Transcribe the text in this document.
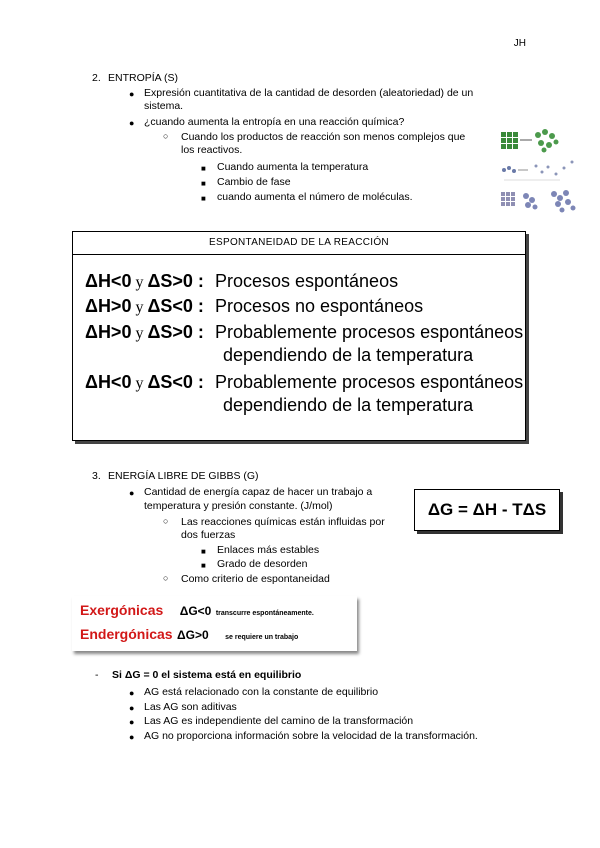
JH
2. ENTROPÍA (S)
● Expresión cuantitativa de la cantidad de desorden (aleatoriedad) de un
sistema.
● ¿cuando aumenta la entropía en una reacción química?
○ Cuando los productos de reacción son menos complejos que
los reactivos.
■ Cuando aumenta la temperatura
■ Cambio de fase
■ cuando aumenta el número de moléculas.
ESPONTANEIDAD DE LA REACCIÓN
ΔH<0 y ΔS>0 : Procesos espontáneos
ΔH>0 y ΔS<0 : Procesos no espontáneos
ΔH>0 y ΔS>0 : Probablemente procesos espontáneos
dependiendo de la temperatura
ΔH<0 y ΔS<0 : Probablemente procesos espontáneos
dependiendo de la temperatura
3. ENERGÍA LIBRE DE GIBBS (G)
● Cantidad de energía capaz de hacer un trabajo a
temperatura y presión constante. (J/mol)
○ Las reacciones químicas están influidas por
dos fuerzas
■ Enlaces más estables
■ Grado de desorden
○ Como criterio de espontaneidad
ΔG = ΔH - TΔS
Exergónicas ΔG<0 transcurre espontáneamente.
Endergónicas ΔG>0 se requiere un trabajo
- Si ΔG = 0 el sistema está en equilibrio
● AG está relacionado con la constante de equilibrio
● Las AG son aditivas
● Las AG es independiente del camino de la transformación
● AG no proporciona información sobre la velocidad de la transformación.
